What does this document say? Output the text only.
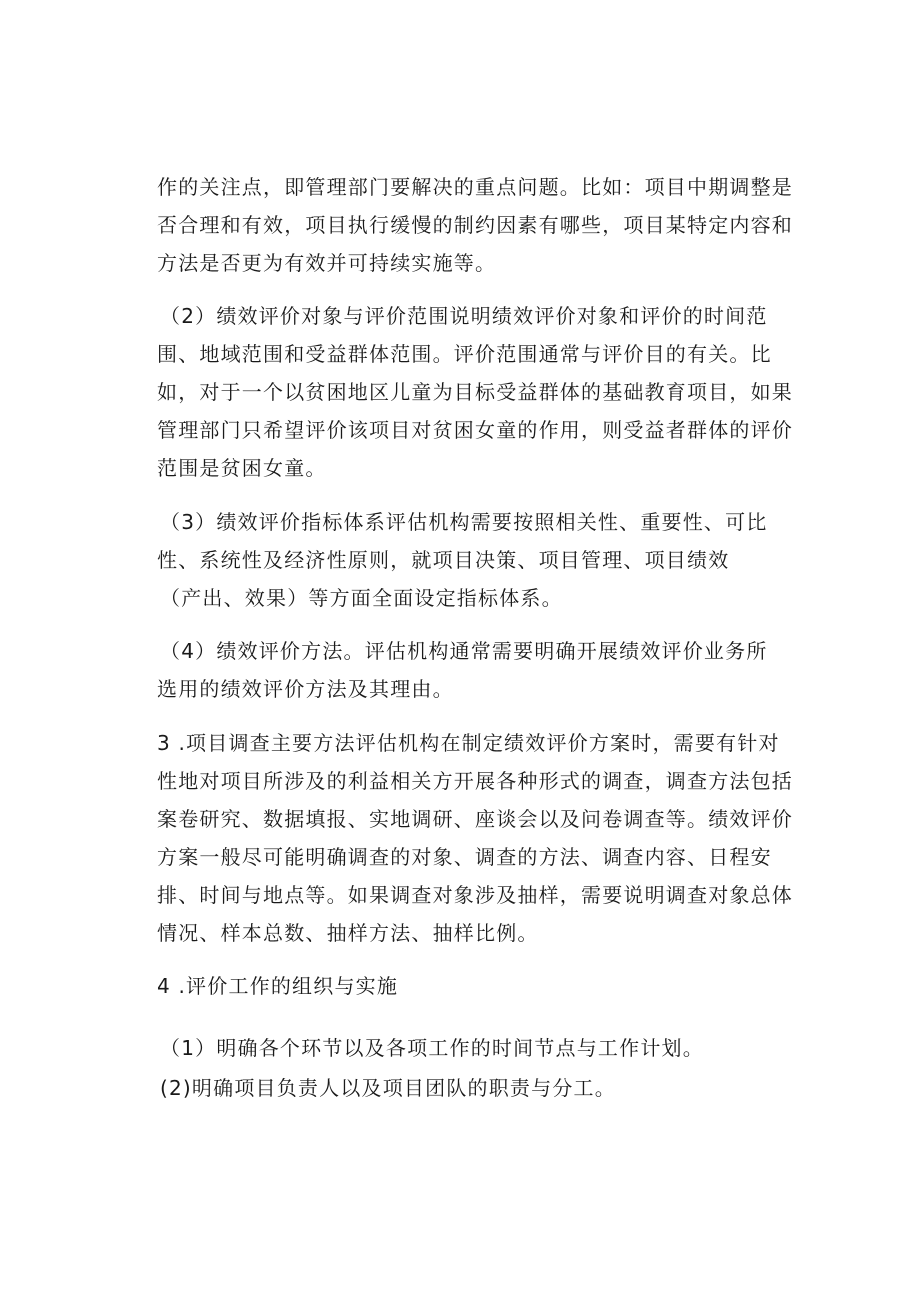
作的关注点，即管理部门要解决的重点问题。比如：项目中期调整是
否合理和有效，项目执行缓慢的制约因素有哪些，项目某特定内容和
方法是否更为有效并可持续实施等。
（2）绩效评价对象与评价范围说明绩效评价对象和评价的时间范
围、地域范围和受益群体范围。评价范围通常与评价目的有关。比
如，对于一个以贫困地区儿童为目标受益群体的基础教育项目，如果
管理部门只希望评价该项目对贫困女童的作用，则受益者群体的评价
范围是贫困女童。
（3）绩效评价指标体系评估机构需要按照相关性、重要性、可比
性、系统性及经济性原则，就项目决策、项目管理、项目绩效
（产出、效果）等方面全面设定指标体系。
（4）绩效评价方法。评估机构通常需要明确开展绩效评价业务所
选用的绩效评价方法及其理由。
3 .项目调查主要方法评估机构在制定绩效评价方案时，需要有针对
性地对项目所涉及的利益相关方开展各种形式的调查，调查方法包括
案卷研究、数据填报、实地调研、座谈会以及问卷调查等。绩效评价
方案一般尽可能明确调查的对象、调查的方法、调查内容、日程安
排、时间与地点等。如果调查对象涉及抽样，需要说明调查对象总体
情况、样本总数、抽样方法、抽样比例。
4 .评价工作的组织与实施
（1）明确各个环节以及各项工作的时间节点与工作计划。
(2)明确项目负责人以及项目团队的职责与分工。
